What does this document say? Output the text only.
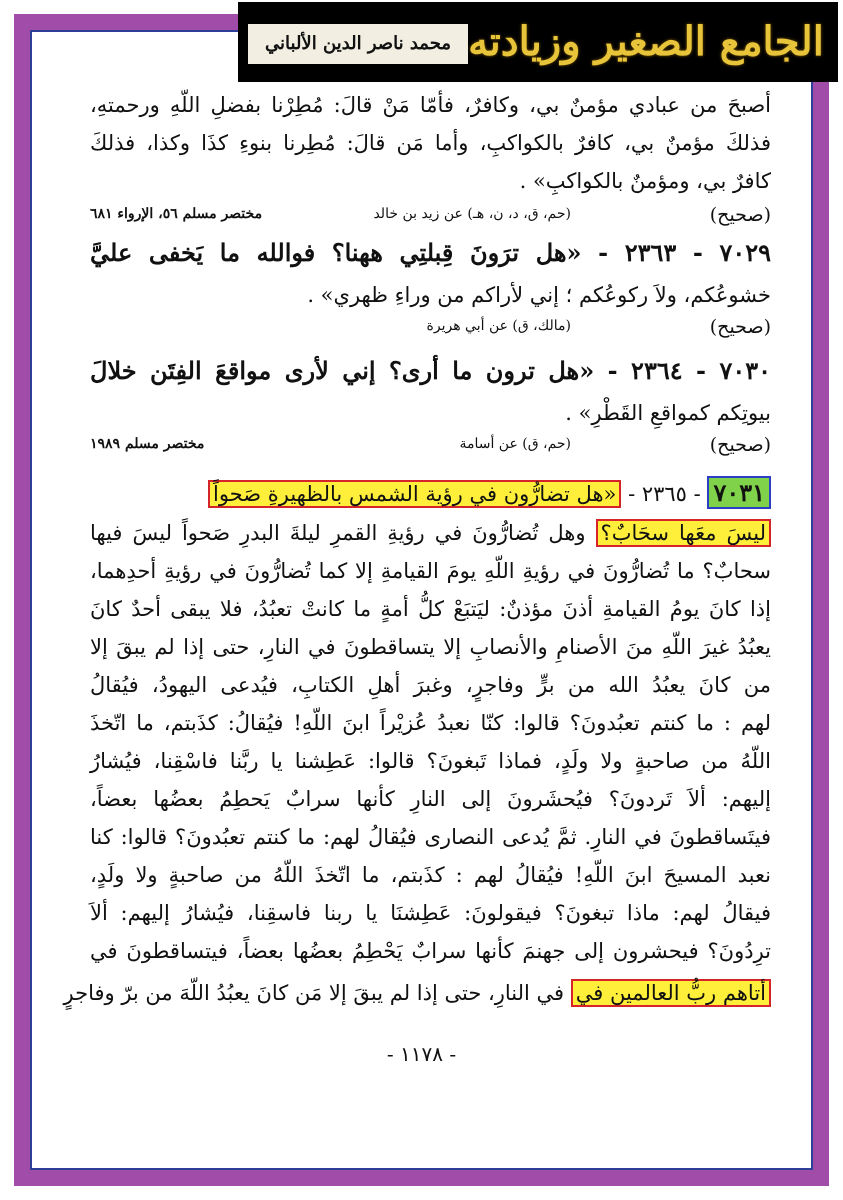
محمد ناصر الدين الألباني الجامع الصغير وزيادته
أصبحَ من عبادي مؤمنٌ بي، وكافرٌ، فأمّا مَنْ قالَ: مُطِرْنا بفضلِ اللّهِ ورحمتهِ،
فذلكَ مؤمنٌ بي، كافرٌ بالكواكبِ، وأما مَن قالَ: مُطِرنا بنوءِ كذَا وكذا، فذلكَ
كافرٌ بي، ومؤمنٌ بالكواكبِ» .
(صحيح)
(حم، ق، د، ن، هـ) عن زيد بن خالد
مختصر مسلم ٥٦، الإرواء ٦٨١
٧٠٢٩ - ٢٣٦٣ - «هل ترَونَ قِبلتِي ههنا؟ فوالله ما يَخفى عليَّ
خشوعُكم، ولاَ ركوعُكم ؛ إني لأراكم من وراءِ ظهري» .
(صحيح)
(مالك، ق) عن أبي هريرة
٧٠٣٠ - ٢٣٦٤ - «هل ترون ما أرى؟ إني لأرى مواقعَ الفِتَن خلالَ
بيوتِكم كمواقعِ القَطْرِ» .
(صحيح)
(حم، ق) عن أسامة
مختصر مسلم ١٩٨٩
٧٠٣١ - ٢٣٦٥ - «هل تضارُّون في رؤية الشمس بالظهيرةِ صَحواً
ليسَ معَها سحَابٌ؟ وهل تُضارُّونَ في رؤيةِ القمرِ ليلةَ البدرِ صَحواً ليسَ فيها
سحابٌ؟ ما تُضارُّونَ في رؤيةِ اللّهِ يومَ القيامةِ إلا كما تُضارُّونَ في رؤيةِ أحدِهما،
إذا كانَ يومُ القيامةِ أذنَ مؤذنٌ: ليَتبَعْ كلُّ أمةٍ ما كانتْ تعبُدُ، فلا يبقى أحدٌ كانَ
يعبُدُ غيرَ اللّهِ منَ الأصنامِ والأنصابِ إلا يتساقطونَ في النارِ، حتى إذا لم يبقَ إلا
من كانَ يعبُدُ الله من برٍّ وفاجرٍ، وغبرَ أهلِ الكتابِ، فيُدعى اليهودُ، فيُقالُ
لهم : ما كنتم تعبُدونَ؟ قالوا: كنّا نعبدُ عُزيْراً ابنَ اللّهِ! فيُقالُ: كذَبتم، ما اتّخذَ
اللّهُ من صاحبةٍ ولا ولَدٍ، فماذا تَبغونَ؟ قالوا: عَطِشنا يا ربَّنا فاسْقِنا، فيُشارُ
إليهم: ألاَ تَردونَ؟ فيُحشَرونَ إلى النارِ كأنها سرابٌ يَحطِمُ بعضُها بعضاً،
فيتَساقطونَ في النارِ. ثمَّ يُدعى النصارى فيُقالُ لهم: ما كنتم تعبُدونَ؟ قالوا: كنا
نعبد المسيحَ ابنَ اللّهِ! فيُقالُ لهم : كذَبتم، ما اتّخذَ اللّهُ من صاحبةٍ ولا ولَدٍ،
فيقالُ لهم: ماذا تبغونَ؟ فيقولونَ: عَطِشنَا يا ربنا فاسقِنا، فيُشارُ إليهم: ألاَ
ترِدُونَ؟ فيحشرون إلى جهنمَ كأنها سرابٌ يَحْطِمُ بعضُها بعضاً، فيتساقطونَ في
أتاهم ربُّ العالمين في في النارِ، حتى إذا لم يبقَ إلا مَن كانَ يعبُدُ اللّهَ من برّ وفاجرٍ
- ١١٧٨ -
